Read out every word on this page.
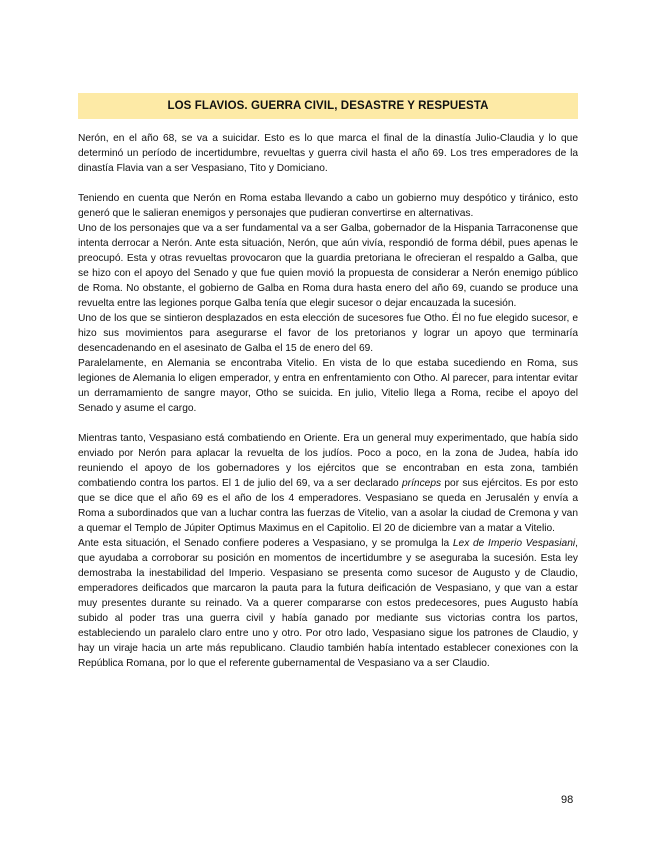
LOS FLAVIOS. GUERRA CIVIL, DESASTRE Y RESPUESTA

Nerón, en el año 68, se va a suicidar. Esto es lo que marca el final de la dinastía Julio-Claudia y lo que determinó un período de incertidumbre, revueltas y guerra civil hasta el año 69. Los tres emperadores de la dinastía Flavia van a ser Vespasiano, Tito y Domiciano.

Teniendo en cuenta que Nerón en Roma estaba llevando a cabo un gobierno muy despótico y tiránico, esto generó que le salieran enemigos y personajes que pudieran convertirse en alternativas.

Uno de los personajes que va a ser fundamental va a ser Galba, gobernador de la Hispania Tarraconense que intenta derrocar a Nerón. Ante esta situación, Nerón, que aún vivía, respondió de forma débil, pues apenas le preocupó. Esta y otras revueltas provocaron que la guardia pretoriana le ofrecieran el respaldo a Galba, que se hizo con el apoyo del Senado y que fue quien movió la propuesta de considerar a Nerón enemigo público de Roma. No obstante, el gobierno de Galba en Roma dura hasta enero del año 69, cuando se produce una revuelta entre las legiones porque Galba tenía que elegir sucesor o dejar encauzada la sucesión.

Uno de los que se sintieron desplazados en esta elección de sucesores fue Otho. Él no fue elegido sucesor, e hizo sus movimientos para asegurarse el favor de los pretorianos y lograr un apoyo que terminaría desencadenando en el asesinato de Galba el 15 de enero del 69.

Paralelamente, en Alemania se encontraba Vitelio. En vista de lo que estaba sucediendo en Roma, sus legiones de Alemania lo eligen emperador, y entra en enfrentamiento con Otho. Al parecer, para intentar evitar un derramamiento de sangre mayor, Otho se suicida. En julio, Vitelio llega a Roma, recibe el apoyo del Senado y asume el cargo.

Mientras tanto, Vespasiano está combatiendo en Oriente. Era un general muy experimentado, que había sido enviado por Nerón para aplacar la revuelta de los judíos. Poco a poco, en la zona de Judea, había ido reuniendo el apoyo de los gobernadores y los ejércitos que se encontraban en esta zona, también combatiendo contra los partos. El 1 de julio del 69, va a ser declarado prínceps por sus ejércitos. Es por esto que se dice que el año 69 es el año de los 4 emperadores. Vespasiano se queda en Jerusalén y envía a Roma a subordinados que van a luchar contra las fuerzas de Vitelio, van a asolar la ciudad de Cremona y van a quemar el Templo de Júpiter Optimus Maximus en el Capitolio. El 20 de diciembre van a matar a Vitelio.

Ante esta situación, el Senado confiere poderes a Vespasiano, y se promulga la Lex de Imperio Vespasiani, que ayudaba a corroborar su posición en momentos de incertidumbre y se aseguraba la sucesión. Esta ley demostraba la inestabilidad del Imperio. Vespasiano se presenta como sucesor de Augusto y de Claudio, emperadores deificados que marcaron la pauta para la futura deificación de Vespasiano, y que van a estar muy presentes durante su reinado. Va a querer compararse con estos predecesores, pues Augusto había subido al poder tras una guerra civil y había ganado por mediante sus victorias contra los partos, estableciendo un paralelo claro entre uno y otro. Por otro lado, Vespasiano sigue los patrones de Claudio, y hay un viraje hacia un arte más republicano. Claudio también había intentado establecer conexiones con la República Romana, por lo que el referente gubernamental de Vespasiano va a ser Claudio.

98
